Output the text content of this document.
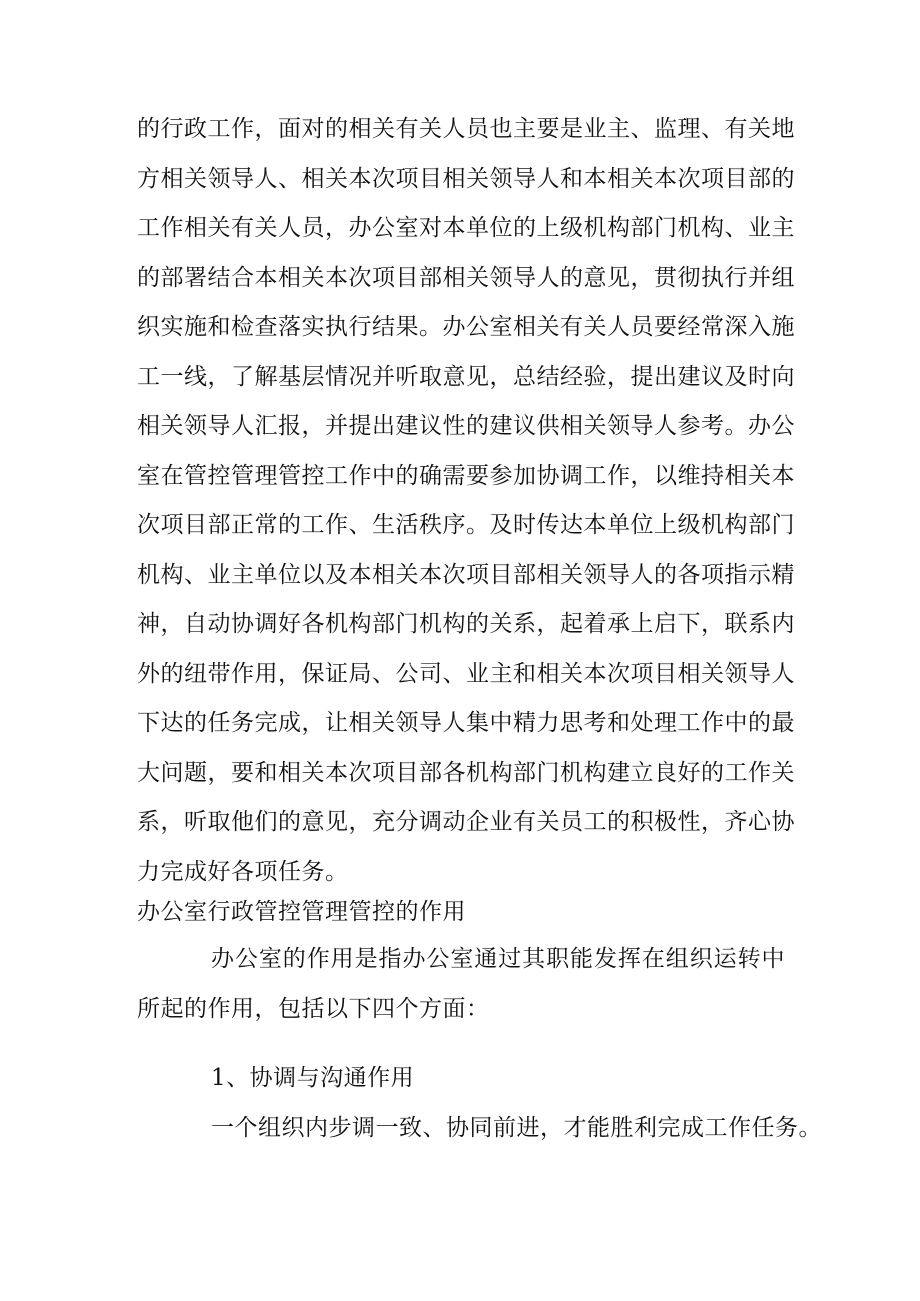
的行政工作，面对的相关有关人员也主要是业主、监理、有关地
方相关领导人、相关本次项目相关领导人和本相关本次项目部的
工作相关有关人员，办公室对本单位的上级机构部门机构、业主
的部署结合本相关本次项目部相关领导人的意见，贯彻执行并组
织实施和检查落实执行结果。办公室相关有关人员要经常深入施
工一线，了解基层情况并听取意见，总结经验，提出建议及时向
相关领导人汇报，并提出建议性的建议供相关领导人参考。办公
室在管控管理管控工作中的确需要参加协调工作，以维持相关本
次项目部正常的工作、生活秩序。及时传达本单位上级机构部门
机构、业主单位以及本相关本次项目部相关领导人的各项指示精
神，自动协调好各机构部门机构的关系，起着承上启下，联系内
外的纽带作用，保证局、公司、业主和相关本次项目相关领导人
下达的任务完成，让相关领导人集中精力思考和处理工作中的最
大问题，要和相关本次项目部各机构部门机构建立良好的工作关
系，听取他们的意见，充分调动企业有关员工的积极性，齐心协
力完成好各项任务。
办公室行政管控管理管控的作用
办公室的作用是指办公室通过其职能发挥在组织运转中
所起的作用，包括以下四个方面：
1、协调与沟通作用
一个组织内步调一致、协同前进，才能胜利完成工作任务。
